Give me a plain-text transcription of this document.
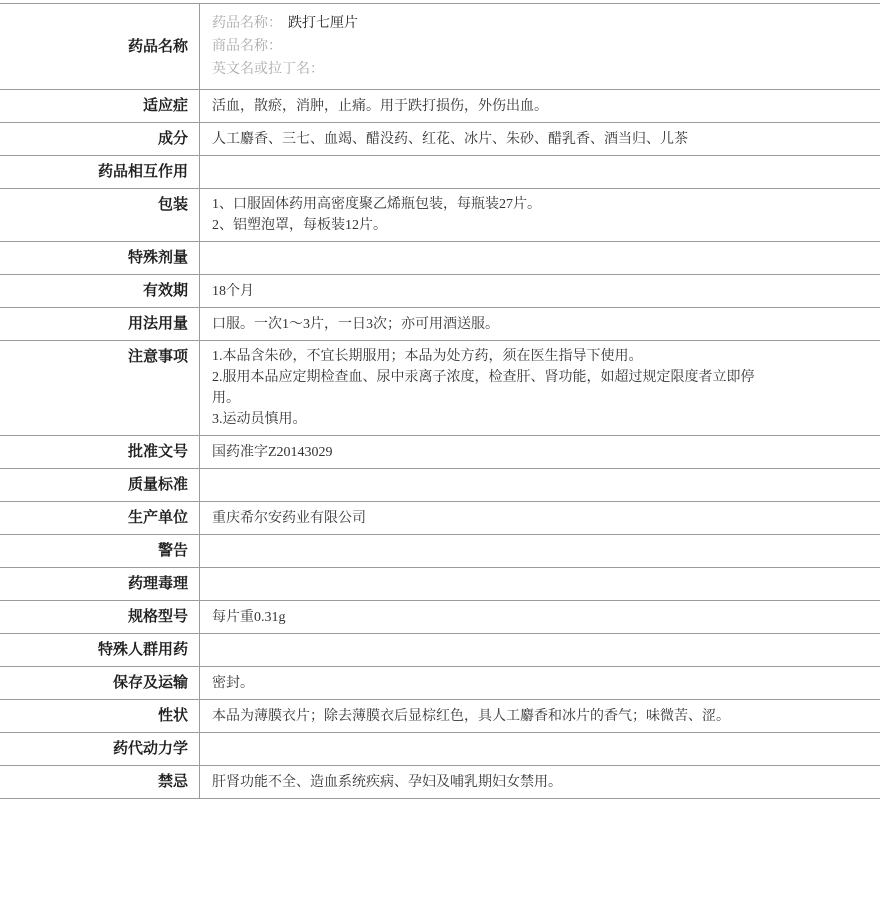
药品名称
药品名称： 跌打七厘片
商品名称：
英文名或拉丁名：
适应症	活血，散瘀，消肿，止痛。用于跌打损伤，外伤出血。
成分	人工麝香、三七、血竭、醋没药、红花、冰片、朱砂、醋乳香、酒当归、儿茶
药品相互作用
包装	1、口服固体药用高密度聚乙烯瓶包装，每瓶装27片。
2、铝塑泡罩，每板装12片。
特殊剂量
有效期	18个月
用法用量	口服。一次1～3片，一日3次；亦可用酒送服。
注意事项	1.本品含朱砂，不宜长期服用；本品为处方药，须在医生指导下使用。
2.服用本品应定期检查血、尿中汞离子浓度，检查肝、肾功能，如超过规定限度者立即停用。
3.运动员慎用。
批准文号	国药准字Z20143029
质量标准
生产单位	重庆希尔安药业有限公司
警告
药理毒理
规格型号	每片重0.31g
特殊人群用药
保存及运输	密封。
性状	本品为薄膜衣片；除去薄膜衣后显棕红色，具人工麝香和冰片的香气；味微苦、涩。
药代动力学
禁忌	肝肾功能不全、造血系统疾病、孕妇及哺乳期妇女禁用。
